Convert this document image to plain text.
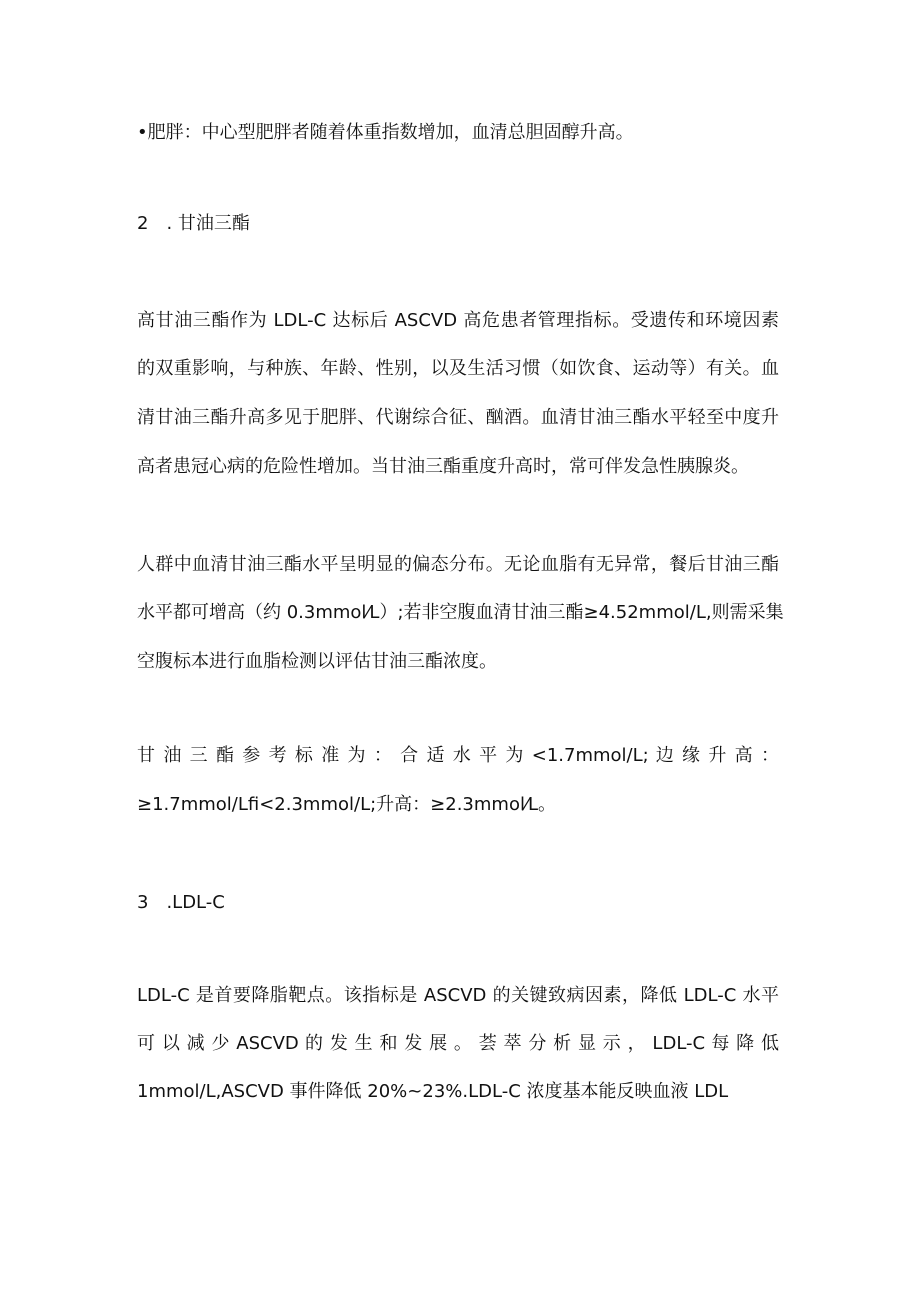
•肥胖：中心型肥胖者随着体重指数增加，血清总胆固醇升高。

2　. 甘油三酯

高甘油三酯作为 LDL-C 达标后 ASCVD 高危患者管理指标。受遗传和环境因素

的双重影响，与种族、年龄、性别，以及生活习惯（如饮食、运动等）有关。血

清甘油三酯升高多见于肥胖、代谢综合征、酗酒。血清甘油三酯水平轻至中度升

高者患冠心病的危险性增加。当甘油三酯重度升高时，常可伴发急性胰腺炎。

人群中血清甘油三酯水平呈明显的偏态分布。无论血脂有无异常，餐后甘油三酯

水平都可增高（约 0.3mmol⁄L）;若非空腹血清甘油三酯≥4.52mmol/L,则需采集

空腹标本进行血脂检测以评估甘油三酯浓度。

甘 油 三 酯 参 考 标 准 为 ： 合 适 水 平 为 <1.7mmol/L; 边 缘 升 高 ：

≥1.7mmol/Lfi<2.3mmol/L;升高：≥2.3mmol⁄L。

3　.LDL-C

LDL-C 是首要降脂靶点。该指标是 ASCVD 的关键致病因素，降低 LDL-C 水平

可 以 减 少 ASCVD 的 发 生 和 发 展 。 荟 萃 分 析 显 示 ， LDL-C 每 降 低

1mmol/L,ASCVD 事件降低 20%~23%.LDL-C 浓度基本能反映血液 LDL
